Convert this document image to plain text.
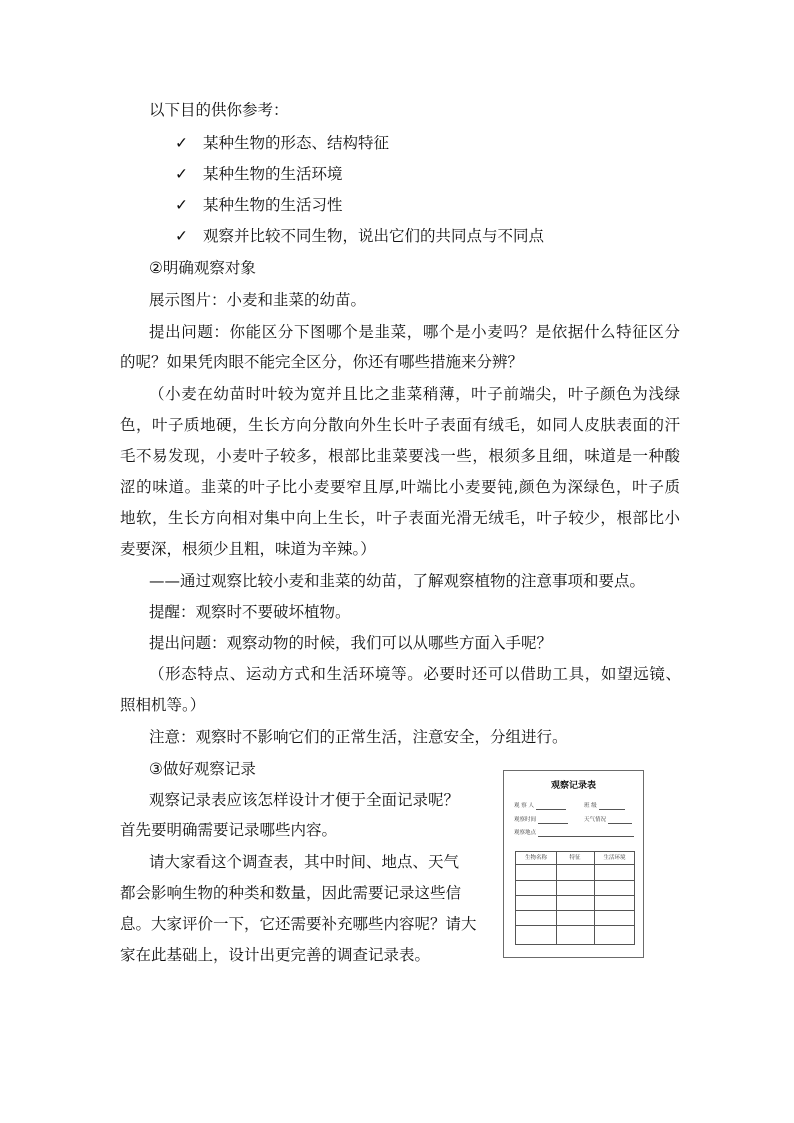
以下目的供你参考：
✓ 某种生物的形态、结构特征
✓ 某种生物的生活环境
✓ 某种生物的生活习性
✓ 观察并比较不同生物，说出它们的共同点与不同点
②明确观察对象
展示图片：小麦和韭菜的幼苗。
提出问题：你能区分下图哪个是韭菜，哪个是小麦吗？是依据什么特征区分
的呢？如果凭肉眼不能完全区分，你还有哪些措施来分辨？
（小麦在幼苗时叶较为宽并且比之韭菜稍薄，叶子前端尖，叶子颜色为浅绿
色，叶子质地硬，生长方向分散向外生长叶子表面有绒毛，如同人皮肤表面的汗
毛不易发现，小麦叶子较多，根部比韭菜要浅一些，根须多且细，味道是一种酸
涩的味道。韭菜的叶子比小麦要窄且厚,叶端比小麦要钝,颜色为深绿色，叶子质
地软，生长方向相对集中向上生长，叶子表面光滑无绒毛，叶子较少，根部比小
麦要深，根须少且粗，味道为辛辣。）
——通过观察比较小麦和韭菜的幼苗，了解观察植物的注意事项和要点。
提醒：观察时不要破坏植物。
提出问题：观察动物的时候，我们可以从哪些方面入手呢？
（形态特点、运动方式和生活环境等。必要时还可以借助工具，如望远镜、
照相机等。）
注意：观察时不影响它们的正常生活，注意安全，分组进行。
③做好观察记录
观察记录表应该怎样设计才便于全面记录呢？
首先要明确需要记录哪些内容。
请大家看这个调查表，其中时间、地点、天气
都会影响生物的种类和数量，因此需要记录这些信
息。大家评价一下，它还需要补充哪些内容呢？请大
家在此基础上，设计出更完善的调查记录表。
观察记录表
观 察 人	班 级
观察时间	天气情况
观察地点
生物名称	特征	生活环境
